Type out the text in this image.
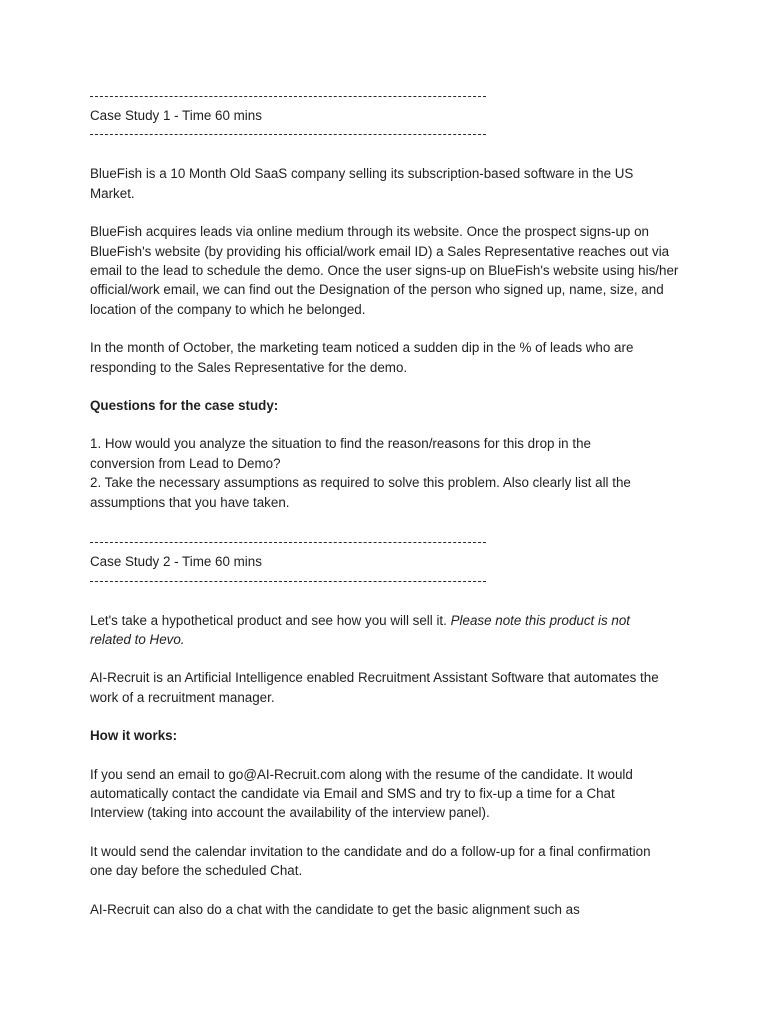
Case Study 1 - Time 60 mins

BlueFish is a 10 Month Old SaaS company selling its subscription-based software in the US Market.

BlueFish acquires leads via online medium through its website. Once the prospect signs-up on BlueFish's website (by providing his official/work email ID) a Sales Representative reaches out via email to the lead to schedule the demo. Once the user signs-up on BlueFish's website using his/her official/work email, we can find out the Designation of the person who signed up, name, size, and location of the company to which he belonged.

In the month of October, the marketing team noticed a sudden dip in the % of leads who are responding to the Sales Representative for the demo.

Questions for the case study:

1. How would you analyze the situation to find the reason/reasons for this drop in the conversion from Lead to Demo?

2. Take the necessary assumptions as required to solve this problem. Also clearly list all the assumptions that you have taken.

Case Study 2 - Time 60 mins

Let's take a hypothetical product and see how you will sell it. Please note this product is not related to Hevo.

AI-Recruit is an Artificial Intelligence enabled Recruitment Assistant Software that automates the work of a recruitment manager.

How it works:

If you send an email to go@AI-Recruit.com along with the resume of the candidate. It would automatically contact the candidate via Email and SMS and try to fix-up a time for a Chat Interview (taking into account the availability of the interview panel).

It would send the calendar invitation to the candidate and do a follow-up for a final confirmation one day before the scheduled Chat.

AI-Recruit can also do a chat with the candidate to get the basic alignment such as
